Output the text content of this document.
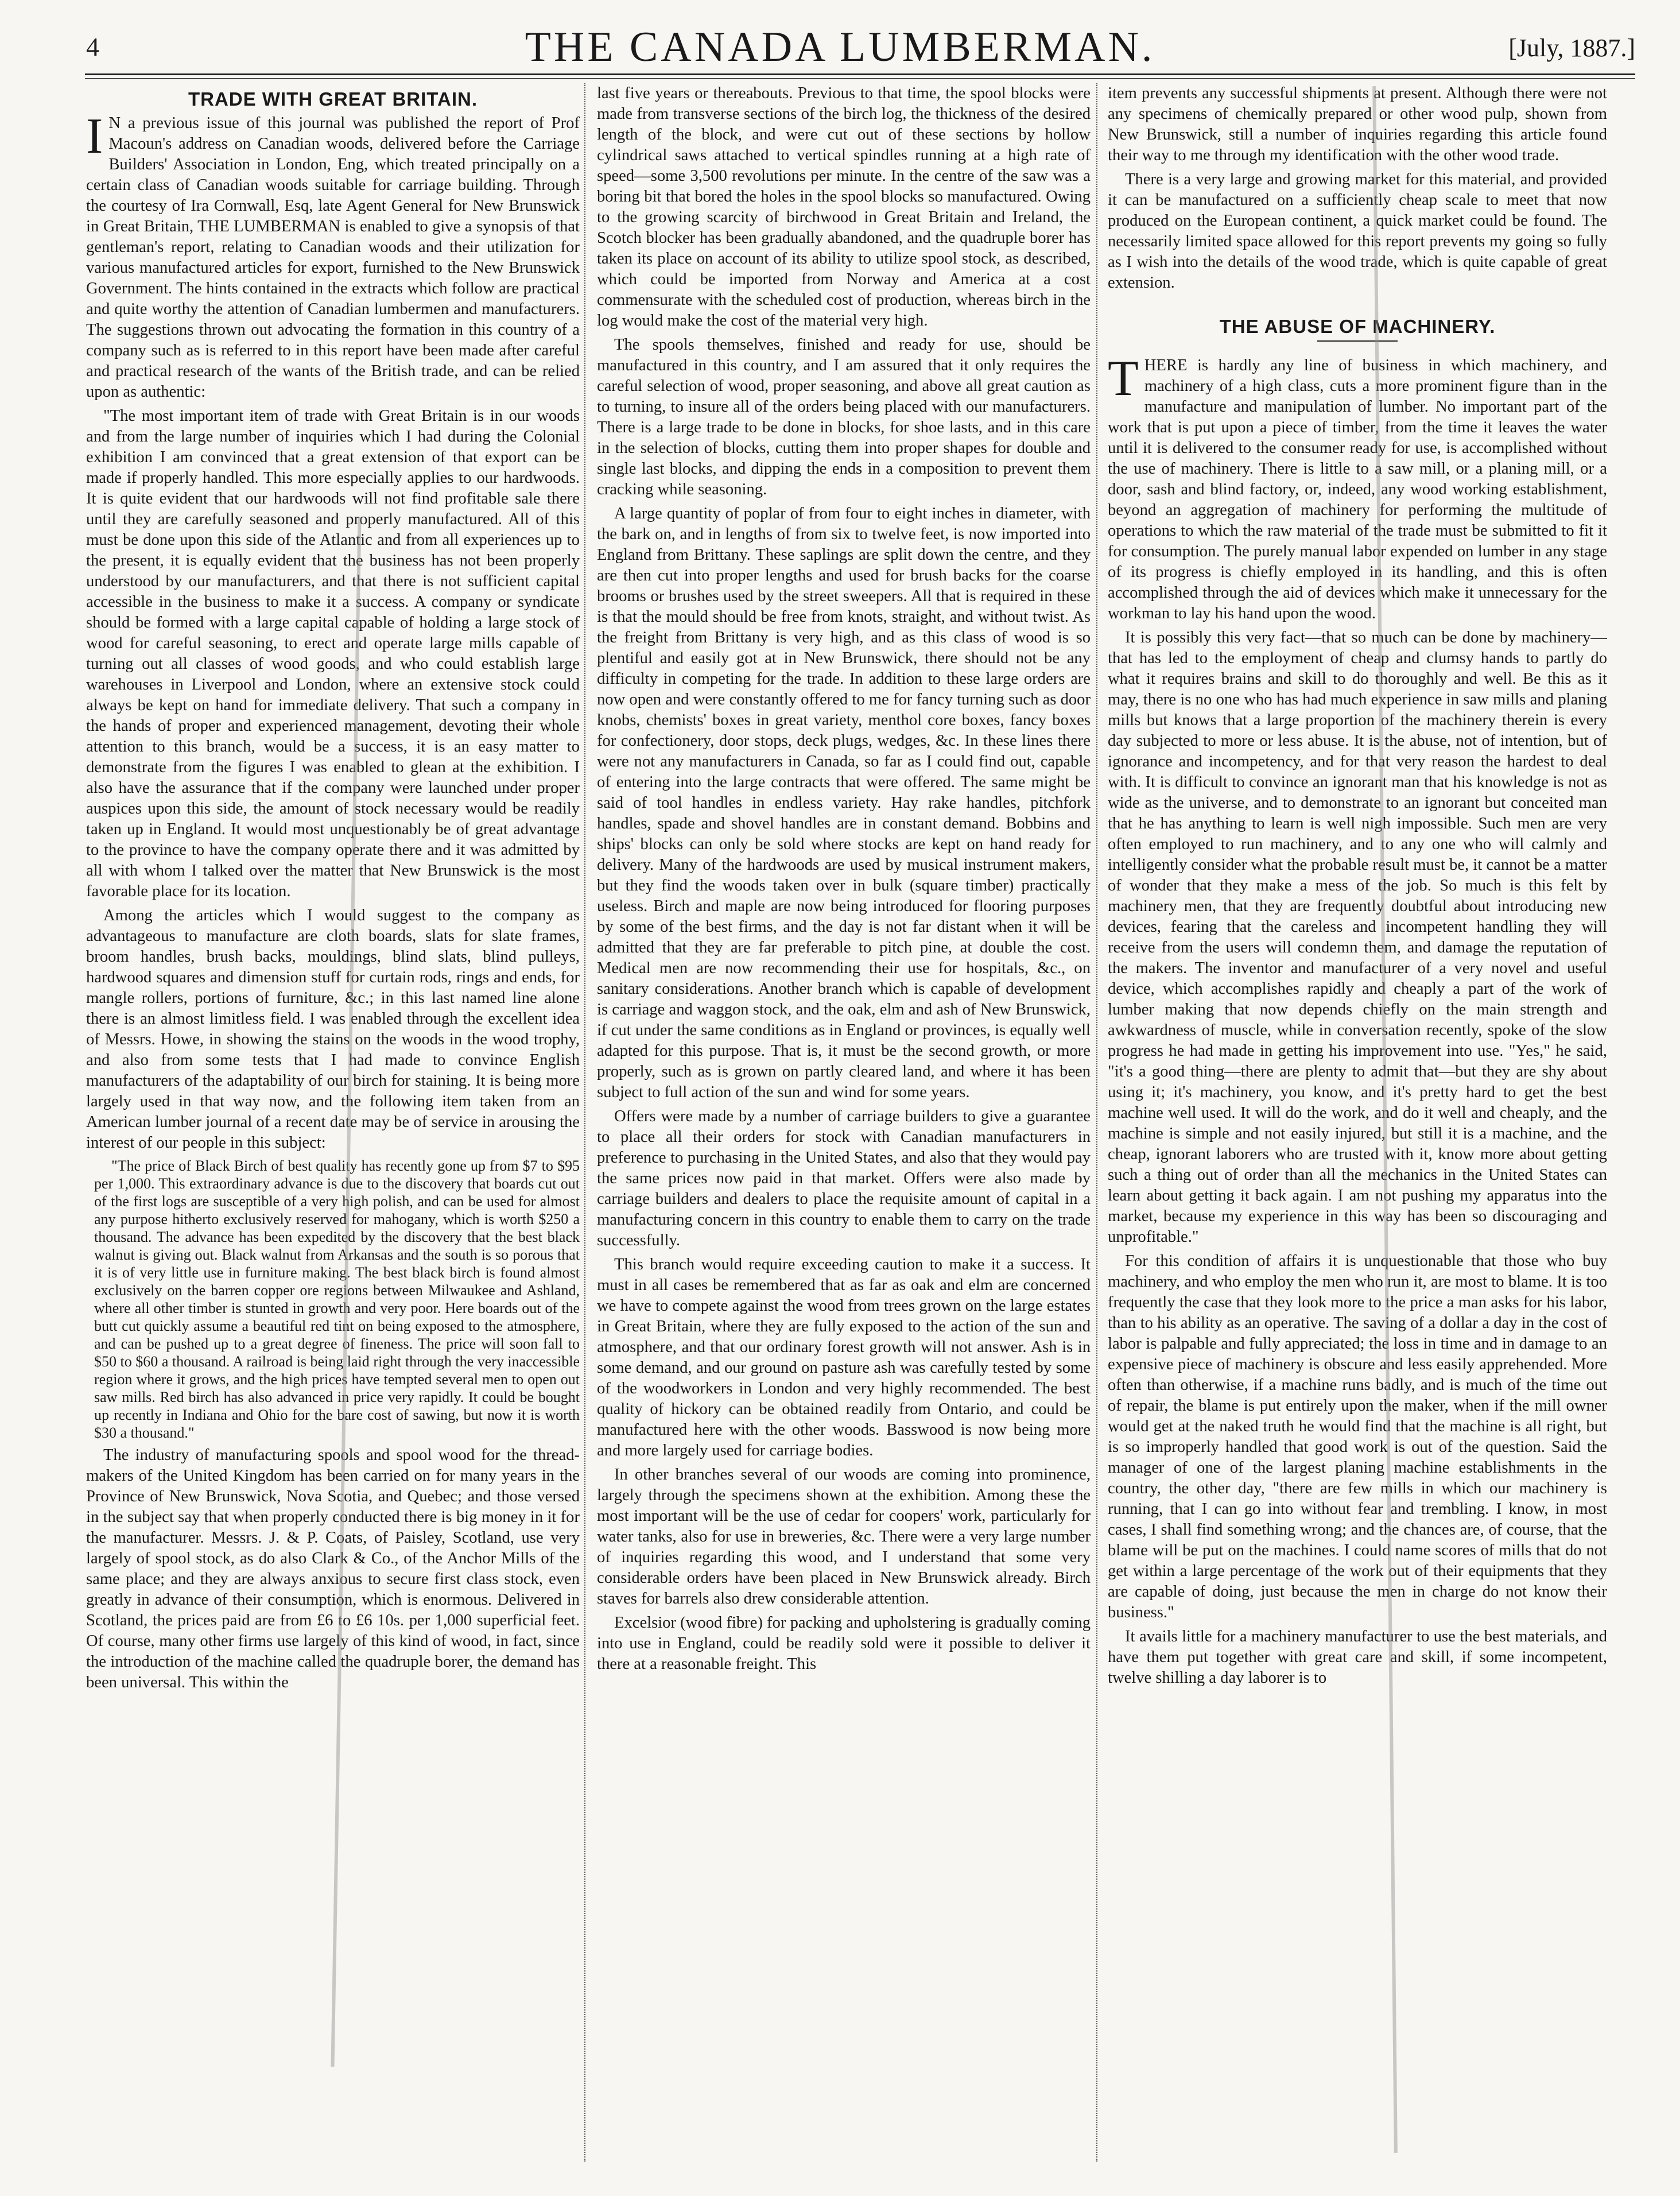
4	THE CANADA LUMBERMAN.	[July, 1887.]
TRADE WITH GREAT BRITAIN.

I N a previous issue of this journal was published the report of Prof Macoun's address on Canadian woods, delivered before the Carriage Builders' Association in London, Eng, which treated principally on a certain class of Canadian woods suitable for carriage building. Through the courtesy of Ira Cornwall, Esq, late Agent General for New Brunswick in Great Britain, THE LUMBERMAN is enabled to give a synopsis of that gentleman's report, relating to Canadian woods and their utilization for various manufactured articles for export, furnished to the New Brunswick Government. The hints contained in the extracts which follow are practical and quite worthy the attention of Canadian lumbermen and manufacturers. The suggestions thrown out advocating the formation in this country of a company such as is referred to in this report have been made after careful and practical research of the wants of the British trade, and can be relied upon as authentic:

"The most important item of trade with Great Britain is in our woods and from the large number of inquiries which I had during the Colonial exhibition I am convinced that a great extension of that export can be made if properly handled. This more especially applies to our hardwoods. It is quite evident that our hardwoods will not find profitable sale there until they are carefully seasoned and properly manufactured. All of this must be done upon this side of the Atlantic and from all experiences up to the present, it is equally evident that the business has not been properly understood by our manufacturers, and that there is not sufficient capital accessible in the business to make it a success. A company or syndicate should be formed with a large capital capable of holding a large stock of wood for careful seasoning, to erect and operate large mills capable of turning out all classes of wood goods, and who could establish large warehouses in Liverpool and London, where an extensive stock could always be kept on hand for immediate delivery. That such a company in the hands of proper and experienced management, devoting their whole attention to this branch, would be a success, it is an easy matter to demonstrate from the figures I was enabled to glean at the exhibition. I also have the assurance that if the company were launched under proper auspices upon this side, the amount of stock necessary would be readily taken up in England. It would most unquestionably be of great advantage to the province to have the company operate there and it was admitted by all with whom I talked over the matter that New Brunswick is the most favorable place for its location.

Among the articles which I would suggest to the company as advantageous to manufacture are cloth boards, slats for slate frames, broom handles, brush backs, mouldings, blind slats, blind pulleys, hardwood squares and dimension stuff for curtain rods, rings and ends, for mangle rollers, portions of furniture, &c.; in this last named line alone there is an almost limitless field. I was enabled through the excellent idea of Messrs. Howe, in showing the stains on the woods in the wood trophy, and also from some tests that I had made to convince English manufacturers of the adaptability of our birch for staining. It is being more largely used in that way now, and the following item taken from an American lumber journal of a recent date may be of service in arousing the interest of our people in this subject:

"The price of Black Birch of best quality has recently gone up from $7 to $95 per 1,000. This extraordinary advance is due to the discovery that boards cut out of the first logs are susceptible of a very high polish, and can be used for almost any purpose hitherto exclusively reserved for mahogany, which is worth $250 a thousand. The advance has been expedited by the discovery that the best black walnut is giving out. Black walnut from Arkansas and the south is so porous that it is of very little use in furniture making. The best black birch is found almost exclusively on the barren copper ore regions between Milwaukee and Ashland, where all other timber is stunted in growth and very poor. Here boards out of the butt cut quickly assume a beautiful red tint on being exposed to the atmosphere, and can be pushed up to a great degree of fineness. The price will soon fall to $50 to $60 a thousand. A railroad is being laid right through the very inaccessible region where it grows, and the high prices have tempted several men to open out saw mills. Red birch has also advanced in price very rapidly. It could be bought up recently in Indiana and Ohio for the bare cost of sawing, but now it is worth $30 a thousand."

The industry of manufacturing spools and spool wood for the thread-makers of the United Kingdom has been carried on for many years in the Province of New Brunswick, Nova Scotia, and Quebec; and those versed in the subject say that when properly conducted there is big money in it for the manufacturer. Messrs. J. & P. Coats, of Paisley, Scotland, use very largely of spool stock, as do also Clark & Co., of the Anchor Mills of the same place; and they are always anxious to secure first class stock, even greatly in advance of their consumption, which is enormous. Delivered in Scotland, the prices paid are from £6 to £6 10s. per 1,000 superficial feet. Of course, many other firms use largely of this kind of wood, in fact, since the introduction of the machine called the quadruple borer, the demand has been universal. This within the

last five years or thereabouts. Previous to that time, the spool blocks were made from transverse sections of the birch log, the thickness of the desired length of the block, and were cut out of these sections by hollow cylindrical saws attached to vertical spindles running at a high rate of speed—some 3,500 revolutions per minute. In the centre of the saw was a boring bit that bored the holes in the spool blocks so manufactured. Owing to the growing scarcity of birchwood in Great Britain and Ireland, the Scotch blocker has been gradually abandoned, and the quadruple borer has taken its place on account of its ability to utilize spool stock, as described, which could be imported from Norway and America at a cost commensurate with the scheduled cost of production, whereas birch in the log would make the cost of the material very high.

The spools themselves, finished and ready for use, should be manufactured in this country, and I am assured that it only requires the careful selection of wood, proper seasoning, and above all great caution as to turning, to insure all of the orders being placed with our manufacturers. There is a large trade to be done in blocks, for shoe lasts, and in this care in the selection of blocks, cutting them into proper shapes for double and single last blocks, and dipping the ends in a composition to prevent them cracking while seasoning.

A large quantity of poplar of from four to eight inches in diameter, with the bark on, and in lengths of from six to twelve feet, is now imported into England from Brittany. These saplings are split down the centre, and they are then cut into proper lengths and used for brush backs for the coarse brooms or brushes used by the street sweepers. All that is required in these is that the mould should be free from knots, straight, and without twist. As the freight from Brittany is very high, and as this class of wood is so plentiful and easily got at in New Brunswick, there should not be any difficulty in competing for the trade. In addition to these large orders are now open and were constantly offered to me for fancy turning such as door knobs, chemists' boxes in great variety, menthol core boxes, fancy boxes for confectionery, door stops, deck plugs, wedges, &c. In these lines there were not any manufacturers in Canada, so far as I could find out, capable of entering into the large contracts that were offered. The same might be said of tool handles in endless variety. Hay rake handles, pitchfork handles, spade and shovel handles are in constant demand. Bobbins and ships' blocks can only be sold where stocks are kept on hand ready for delivery. Many of the hardwoods are used by musical instrument makers, but they find the woods taken over in bulk (square timber) practically useless. Birch and maple are now being introduced for flooring purposes by some of the best firms, and the day is not far distant when it will be admitted that they are far preferable to pitch pine, at double the cost. Medical men are now recommending their use for hospitals, &c., on sanitary considerations. Another branch which is capable of development is carriage and waggon stock, and the oak, elm and ash of New Brunswick, if cut under the same conditions as in England or provinces, is equally well adapted for this purpose. That is, it must be the second growth, or more properly, such as is grown on partly cleared land, and where it has been subject to full action of the sun and wind for some years.

Offers were made by a number of carriage builders to give a guarantee to place all their orders for stock with Canadian manufacturers in preference to purchasing in the United States, and also that they would pay the same prices now paid in that market. Offers were also made by carriage builders and dealers to place the requisite amount of capital in a manufacturing concern in this country to enable them to carry on the trade successfully.

This branch would require exceeding caution to make it a success. It must in all cases be remembered that as far as oak and elm are concerned we have to compete against the wood from trees grown on the large estates in Great Britain, where they are fully exposed to the action of the sun and atmosphere, and that our ordinary forest growth will not answer. Ash is in some demand, and our ground on pasture ash was carefully tested by some of the woodworkers in London and very highly recommended. The best quality of hickory can be obtained readily from Ontario, and could be manufactured here with the other woods. Basswood is now being more and more largely used for carriage bodies.

In other branches several of our woods are coming into prominence, largely through the specimens shown at the exhibition. Among these the most important will be the use of cedar for coopers' work, particularly for water tanks, also for use in breweries, &c. There were a very large number of inquiries regarding this wood, and I understand that some very considerable orders have been placed in New Brunswick already. Birch staves for barrels also drew considerable attention.

Excelsior (wood fibre) for packing and upholstering is gradually coming into use in England, could be readily sold were it possible to deliver it there at a reasonable freight. This

item prevents any successful shipments at present. Although there were not any specimens of chemically prepared or other wood pulp, shown from New Brunswick, still a number of inquiries regarding this article found their way to me through my identification with the other wood trade.

There is a very large and growing market for this material, and provided it can be manufactured on a sufficiently cheap scale to meet that now produced on the European continent, a quick market could be found. The necessarily limited space allowed for this report prevents my going so fully as I wish into the details of the wood trade, which is quite capable of great extension.

THE ABUSE OF MACHINERY.

THERE is hardly any line of business in which machinery, and machinery of a high class, cuts a more prominent figure than in the manufacture and manipulation of lumber. No important part of the work that is put upon a piece of timber, from the time it leaves the water until it is delivered to the consumer ready for use, is accomplished without the use of machinery. There is little to a saw mill, or a planing mill, or a door, sash and blind factory, or, indeed, any wood working establishment, beyond an aggregation of machinery for performing the multitude of operations to which the raw material of the trade must be submitted to fit it for consumption. The purely manual labor expended on lumber in any stage of its progress is chiefly employed in its handling, and this is often accomplished through the aid of devices which make it unnecessary for the workman to lay his hand upon the wood.

It is possibly this very fact—that so much can be done by machinery—that has led to the employment of cheap and clumsy hands to partly do what it requires brains and skill to do thoroughly and well. Be this as it may, there is no one who has had much experience in saw mills and planing mills but knows that a large proportion of the machinery therein is every day subjected to more or less abuse. It is the abuse, not of intention, but of ignorance and incompetency, and for that very reason the hardest to deal with. It is difficult to convince an ignorant man that his knowledge is not as wide as the universe, and to demonstrate to an ignorant but conceited man that he has anything to learn is well nigh impossible. Such men are very often employed to run machinery, and to any one who will calmly and intelligently consider what the probable result must be, it cannot be a matter of wonder that they make a mess of the job. So much is this felt by machinery men, that they are frequently doubtful about introducing new devices, fearing that the careless and incompetent handling they will receive from the users will condemn them, and damage the reputation of the makers. The inventor and manufacturer of a very novel and useful device, which accomplishes rapidly and cheaply a part of the work of lumber making that now depends chiefly on the main strength and awkwardness of muscle, while in conversation recently, spoke of the slow progress he had made in getting his improvement into use. "Yes," he said, "it's a good thing—there are plenty to admit that—but they are shy about using it; it's machinery, you know, and it's pretty hard to get the best machine well used. It will do the work, and do it well and cheaply, and the machine is simple and not easily injured, but still it is a machine, and the cheap, ignorant laborers who are trusted with it, know more about getting such a thing out of order than all the mechanics in the United States can learn about getting it back again. I am not pushing my apparatus into the market, because my experience in this way has been so discouraging and unprofitable."

For this condition of affairs it is unquestionable that those who buy machinery, and who employ the men who run it, are most to blame. It is too frequently the case that they look more to the price a man asks for his labor, than to his ability as an operative. The saving of a dollar a day in the cost of labor is palpable and fully appreciated; the loss in time and in damage to an expensive piece of machinery is obscure and less easily apprehended. More often than otherwise, if a machine runs badly, and is much of the time out of repair, the blame is put entirely upon the maker, when if the mill owner would get at the naked truth he would find that the machine is all right, but is so improperly handled that good work is out of the question. Said the manager of one of the largest planing machine establishments in the country, the other day, "there are few mills in which our machinery is running, that I can go into without fear and trembling. I know, in most cases, I shall find something wrong; and the chances are, of course, that the blame will be put on the machines. I could name scores of mills that do not get within a large percentage of the work out of their equipments that they are capable of doing, just because the men in charge do not know their business."

It avails little for a machinery manufacturer to use the best materials, and have them put together with great care and skill, if some incompetent, twelve shilling a day laborer is to
